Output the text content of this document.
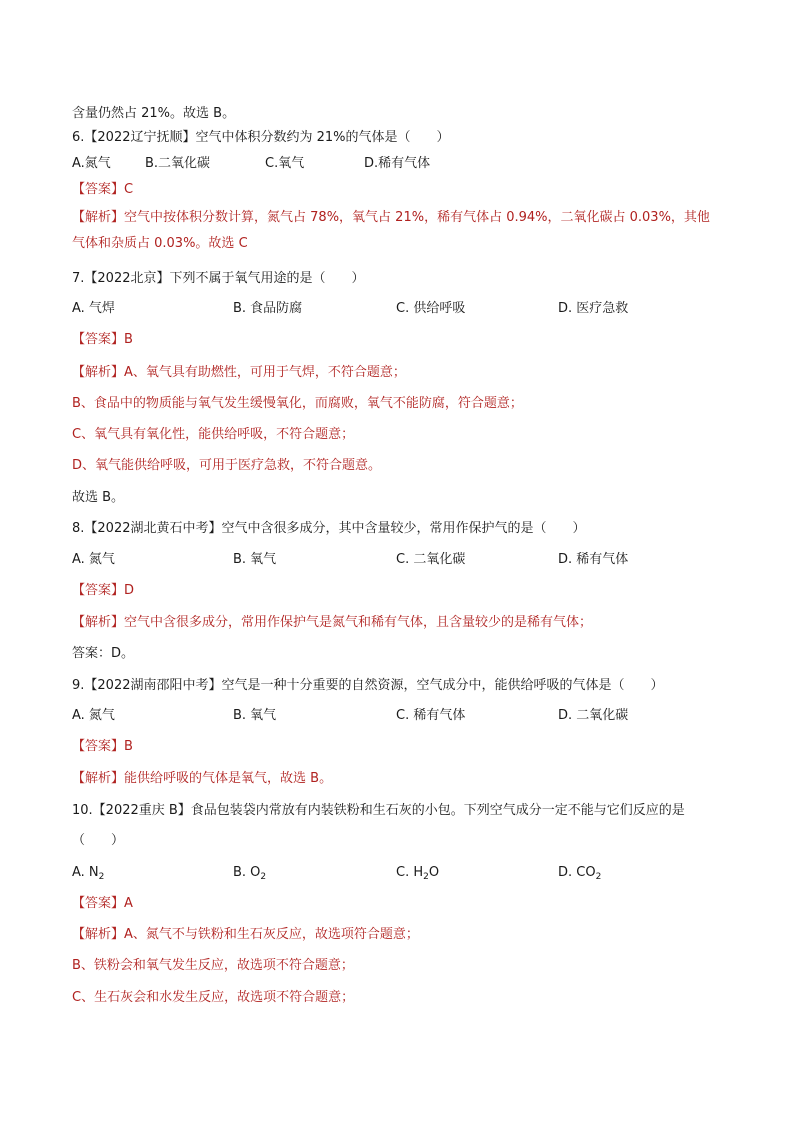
含量仍然占 21%。故选 B。
6.【2022辽宁抚顺】空气中体积分数约为 21%的气体是（　　）
A.氮气	B.二氧化碳	C.氧气	D.稀有气体
【答案】C
【解析】空气中按体积分数计算，氮气占 78%，氧气占 21%，稀有气体占 0.94%，二氧化碳占 0.03%，其他
气体和杂质占 0.03%。故选 C
7.【2022北京】下列不属于氧气用途的是（　　）
A. 气焊	B. 食品防腐	C. 供给呼吸	D. 医疗急救
【答案】B
【解析】A、氧气具有助燃性，可用于气焊，不符合题意；
B、食品中的物质能与氧气发生缓慢氧化，而腐败，氧气不能防腐，符合题意；
C、氧气具有氧化性，能供给呼吸，不符合题意；
D、氧气能供给呼吸，可用于医疗急救，不符合题意。
故选 B。
8.【2022湖北黄石中考】空气中含很多成分，其中含量较少，常用作保护气的是（　　）
A. 氮气	B. 氧气	C. 二氧化碳	D. 稀有气体
【答案】D
【解析】空气中含很多成分，常用作保护气是氮气和稀有气体，且含量较少的是稀有气体；
答案：D。
9.【2022湖南邵阳中考】空气是一种十分重要的自然资源，空气成分中，能供给呼吸的气体是（　　）
A. 氮气	B. 氧气	C. 稀有气体	D. 二氧化碳
【答案】B
【解析】能供给呼吸的气体是氧气，故选 B。
10.【2022重庆 B】食品包装袋内常放有内装铁粉和生石灰的小包。下列空气成分一定不能与它们反应的是
（　　）
A. $N_2$	B. $O_2$	C. $H_2O$	D. $CO_2$
【答案】A
【解析】A、氮气不与铁粉和生石灰反应，故选项符合题意；
B、铁粉会和氧气发生反应，故选项不符合题意；
C、生石灰会和水发生反应，故选项不符合题意；
